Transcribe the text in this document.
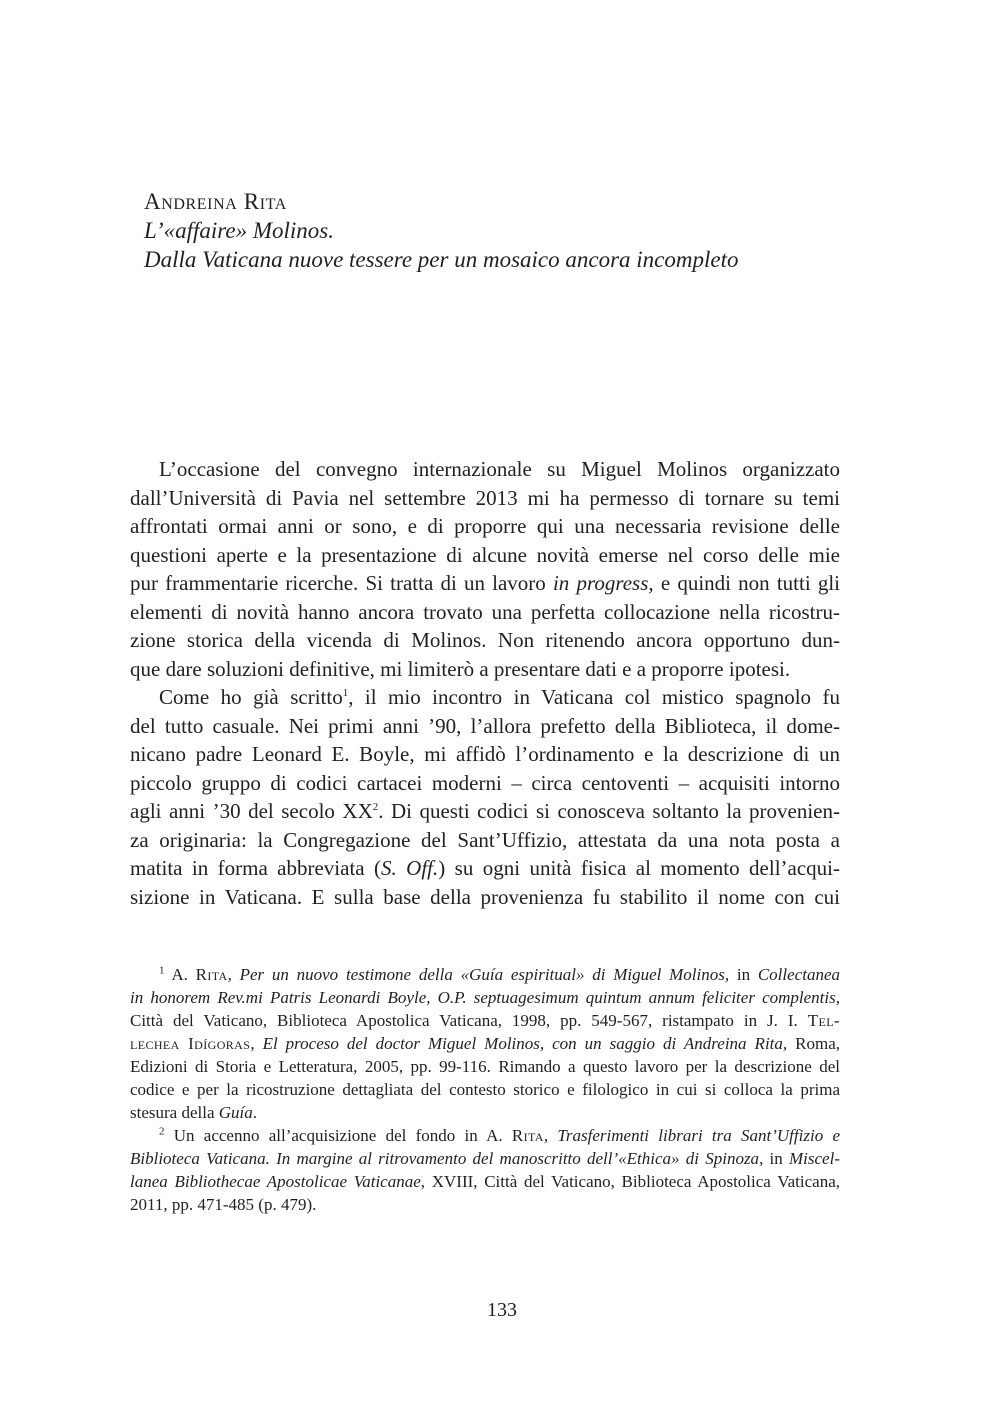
Andreina Rita
L’«affaire» Molinos.
Dalla Vaticana nuove tessere per un mosaico ancora incompleto
L’occasione del convegno internazionale su Miguel Molinos organizzato
dall’Università di Pavia nel settembre 2013 mi ha permesso di tornare su temi
affrontati ormai anni or sono, e di proporre qui una necessaria revisione delle
questioni aperte e la presentazione di alcune novità emerse nel corso delle mie
pur frammentarie ricerche. Si tratta di un lavoro in progress, e quindi non tutti gli
elementi di novità hanno ancora trovato una perfetta collocazione nella ricostru-
zione storica della vicenda di Molinos. Non ritenendo ancora opportuno dun-
que dare soluzioni definitive, mi limiterò a presentare dati e a proporre ipotesi.
Come ho già scritto$^1$, il mio incontro in Vaticana col mistico spagnolo fu
del tutto casuale. Nei primi anni ’90, l’allora prefetto della Biblioteca, il dome-
nicano padre Leonard E. Boyle, mi affidò l’ordinamento e la descrizione di un
piccolo gruppo di codici cartacei moderni – circa centoventi – acquisiti intorno
agli anni ’30 del secolo $XX^2$. Di questi codici si conosceva soltanto la provenien-
za originaria: la Congregazione del Sant’Uffizio, attestata da una nota posta a
matita in forma abbreviata (S. Off.) su ogni unità fisica al momento dell’acqui-
sizione in Vaticana. E sulla base della provenienza fu stabilito il nome con cui
$^1$ A. Rita, Per un nuovo testimone della «Guía espiritual» di Miguel Molinos, in Collectanea
in honorem Rev.mi Patris Leonardi Boyle, O.P. septuagesimum quintum annum feliciter complentis,
Città del Vaticano, Biblioteca Apostolica Vaticana, 1998, pp. 549-567, ristampato in J. I. Tel-
lechea Idígoras, El proceso del doctor Miguel Molinos, con un saggio di Andreina Rita, Roma,
Edizioni di Storia e Letteratura, 2005, pp. 99-116. Rimando a questo lavoro per la descrizione del
codice e per la ricostruzione dettagliata del contesto storico e filologico in cui si colloca la prima
stesura della Guía.
$^2$ Un accenno all’acquisizione del fondo in A. Rita, Trasferimenti librari tra Sant’Uffizio e
Biblioteca Vaticana. In margine al ritrovamento del manoscritto dell’«Ethica» di Spinoza, in Miscel-
lanea Bibliothecae Apostolicae Vaticanae, XVIII, Città del Vaticano, Biblioteca Apostolica Vaticana,
2011, pp. 471-485 (p. 479).
133
